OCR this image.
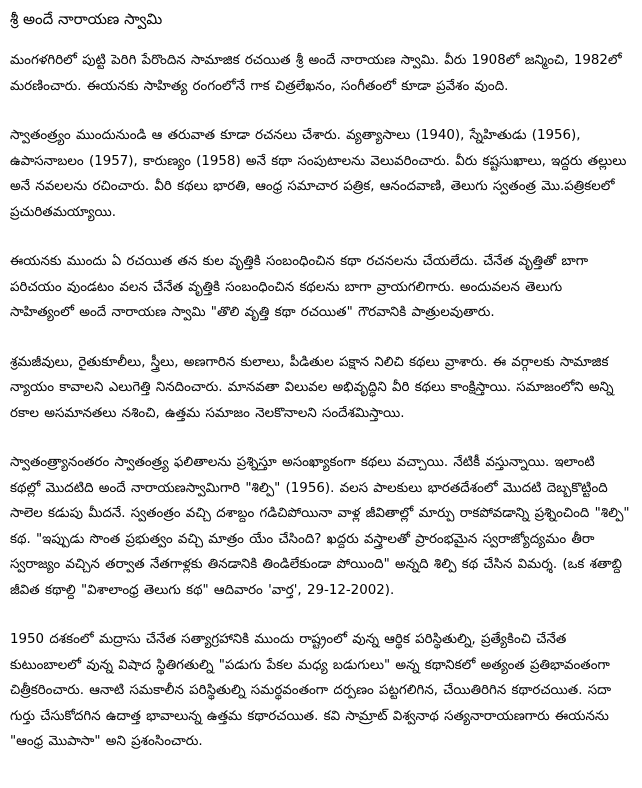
శ్రీ అందే నారాయణ స్వామి

మంగళగిరిలో పుట్టి పెరిగి పేరొందిన సామాజిక రచయిత శ్రీ అందే నారాయణ స్వామి. వీరు 1908లో జన్మించి, 1982లో మరణించారు. ఈయనకు సాహిత్య రంగంలోనే గాక చిత్రలేఖనం, సంగీతంలో కూడా ప్రవేశం వుంది.

స్వాతంత్ర్యం ముందునుండి ఆ తరువాత కూడా రచనలు చేశారు. వ్యత్యాసాలు (1940), స్నేహితుడు (1956), ఉపాసనాబలం (1957), కారుణ్యం (1958) అనే కథా సంపుటాలను వెలువరించారు. వీరు కష్టసుఖాలు, ఇద్దరు తల్లులు అనే నవలలను రచించారు. వీరి కథలు భారతి, ఆంధ్ర సమాచార పత్రిక, ఆనందవాణి, తెలుగు స్వతంత్ర మొ.పత్రికలలో ప్రచురితమయ్యాయి.

ఈయనకు ముందు ఏ రచయిత తన కుల వృత్తికి సంబంధించిన కథా రచనలను చేయలేదు. చేనేత వృత్తితో బాగా పరిచయం వుండటం వలన చేనేత వృత్తికి సంబంధించిన కథలను బాగా వ్రాయగలిగారు. అందువలన తెలుగు సాహిత్యంలో అందే నారాయణ స్వామి "తొలి వృత్తి కథా రచయిత" గౌరవానికి పాత్రులవుతారు.

శ్రమజీవులు, రైతుకూలీలు, స్త్రీలు, అణగారిన కులాలు, పీడితుల పక్షాన నిలిచి కథలు వ్రాశారు. ఈ వర్గాలకు సామాజిక న్యాయం కావాలని ఎలుగెత్తి నినదించారు. మానవతా విలువల అభివృద్ధిని వీరి కథలు కాంక్షిస్తాయి. సమాజంలోని అన్ని రకాల అసమానతలు నశించి, ఉత్తమ సమాజం నెలకొనాలని సందేశమిస్తాయి.

స్వాతంత్ర్యానంతరం స్వాతంత్ర్య ఫలితాలను ప్రశ్నిస్తూ అసంఖ్యాకంగా కథలు వచ్చాయి. నేటికీ వస్తున్నాయి. ఇలాంటి కథల్లో మొదటిది అందే నారాయణస్వామిగారి "శిల్పి" (1956). వలస పాలకులు భారతదేశంలో మొదటి దెబ్బకొట్టింది సాలెల కడుపు మీదనే. స్వతంత్రం వచ్చి దశాబ్దం గడిచిపోయినా వాళ్ల జీవితాల్లో మార్పు రాకపోవడాన్ని ప్రశ్నించింది "శిల్పి" కథ. "ఇప్పుడు సొంత ప్రభుత్వం వచ్చి మాత్రం యేం చేసింది? ఖద్దరు వస్త్రాలతో ప్రారంభమైన స్వరాజ్యోద్యమం తీరా స్వరాజ్యం వచ్చిన తర్వాత నేతగాళ్లకు తినడానికి తిండిలేకుండా పోయింది" అన్నది శిల్పి కథ చేసిన విమర్శ. (ఒక శతాబ్ది జీవిత కథాల్ది "విశాలాంధ్ర తెలుగు కథ" ఆదివారం 'వార్త', 29-12-2002).

1950 దశకంలో మద్రాసు చేనేత సత్యాగ్రహానికి ముందు రాష్ట్రంలో వున్న ఆర్థిక పరిస్థితుల్ని, ప్రత్యేకించి చేనేత కుటుంబాలలో వున్న విషాద స్థితిగతుల్ని "పడుగు పేకల మధ్య బడుగులు" అన్న కథానికలో అత్యంత ప్రతిభావంతంగా చిత్రీకరించారు. ఆనాటి సమకాలీన పరిస్థితుల్ని సమర్థవంతంగా దర్పణం పట్టగలిగిన, చేయితిరిగిన కథారచయిత. సదా గుర్తు చేసుకోదగిన ఉదాత్త భావాలున్న ఉత్తమ కథారచయిత. కవి సామ్రాట్ విశ్వనాథ సత్యనారాయణగారు ఈయనను "ఆంధ్ర మొపాసా" అని ప్రశంసించారు.
